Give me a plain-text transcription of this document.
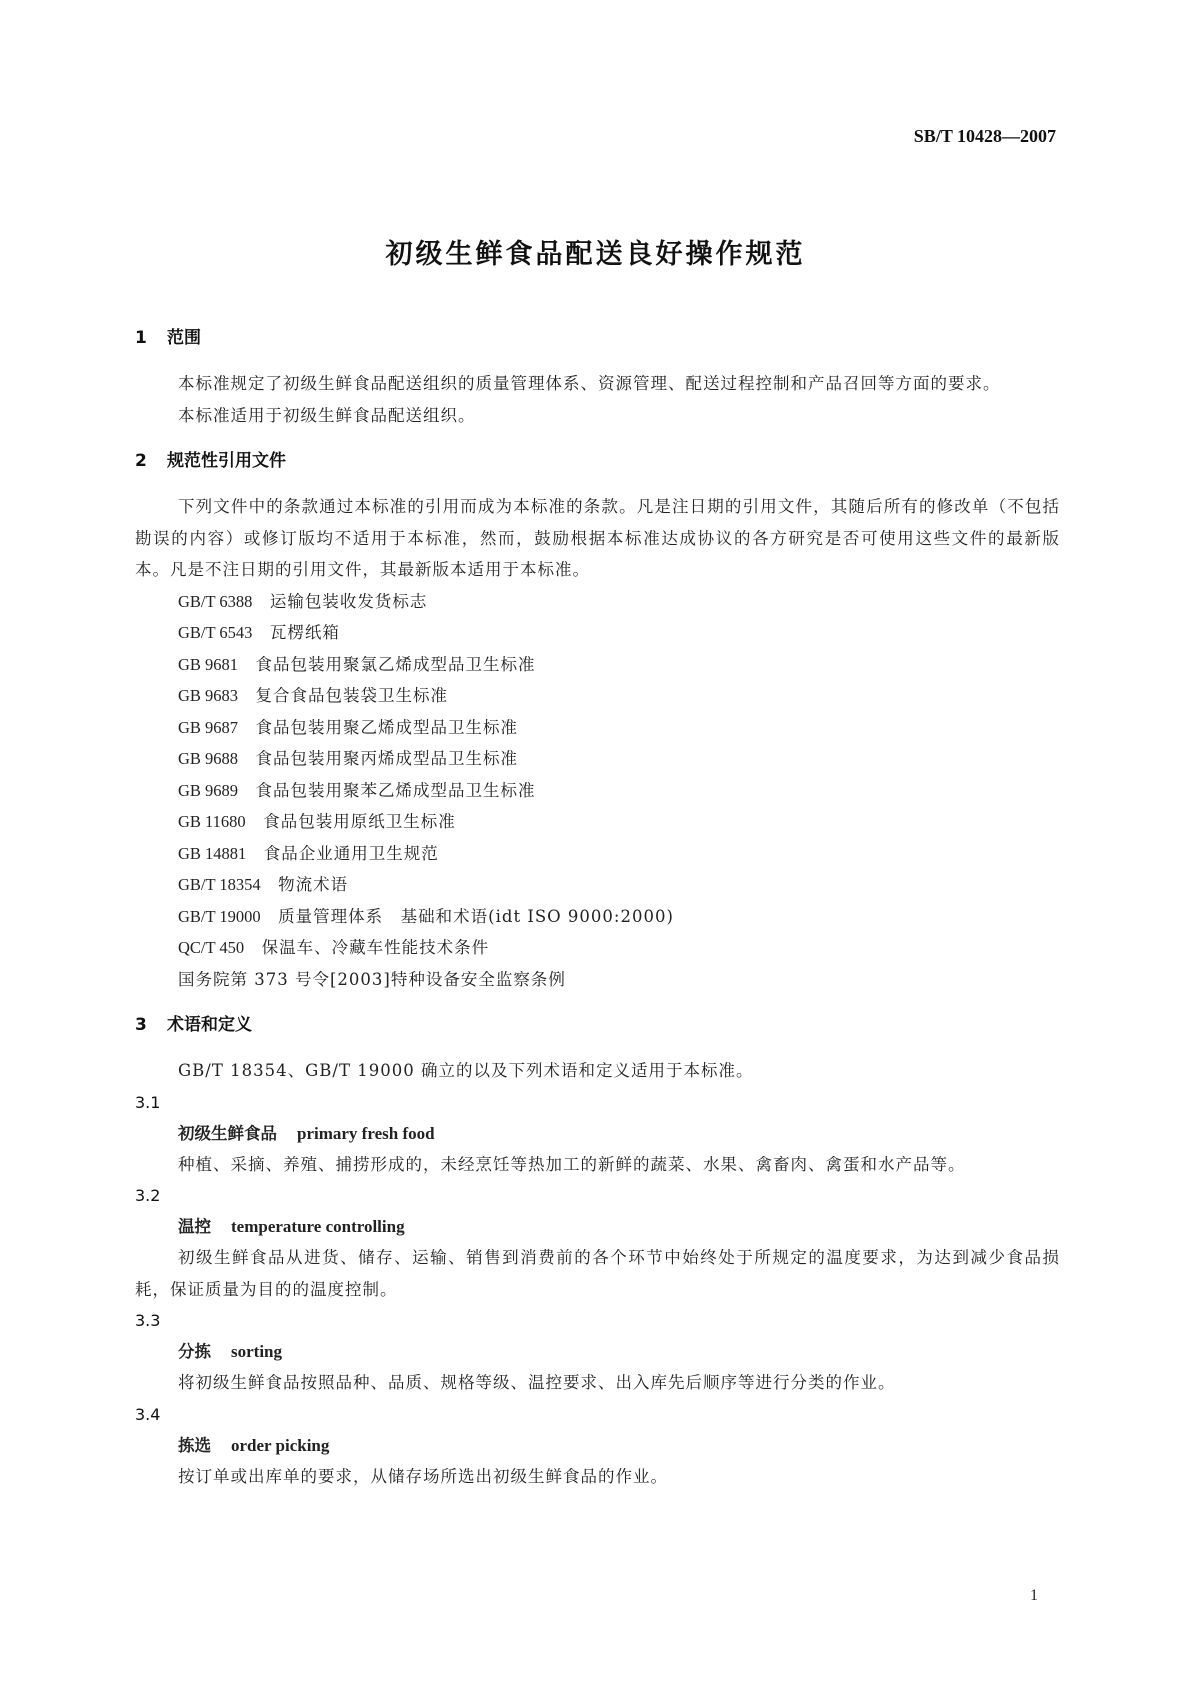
SB/T 10428—2007
初级生鲜食品配送良好操作规范
1 范围
本标准规定了初级生鲜食品配送组织的质量管理体系、资源管理、配送过程控制和产品召回等方面的要求。
本标准适用于初级生鲜食品配送组织。
2 规范性引用文件
下列文件中的条款通过本标准的引用而成为本标准的条款。凡是注日期的引用文件，其随后所有的修改单（不包括勘误的内容）或修订版均不适用于本标准，然而，鼓励根据本标准达成协议的各方研究是否可使用这些文件的最新版本。凡是不注日期的引用文件，其最新版本适用于本标准。
GB/T 6388  运输包装收发货标志
GB/T 6543  瓦楞纸箱
GB 9681  食品包装用聚氯乙烯成型品卫生标准
GB 9683  复合食品包装袋卫生标准
GB 9687  食品包装用聚乙烯成型品卫生标准
GB 9688  食品包装用聚丙烯成型品卫生标准
GB 9689  食品包装用聚苯乙烯成型品卫生标准
GB 11680  食品包装用原纸卫生标准
GB 14881  食品企业通用卫生规范
GB/T 18354  物流术语
GB/T 19000  质量管理体系　基础和术语(idt ISO 9000:2000)
QC/T 450  保温车、冷藏车性能技术条件
国务院第 373 号令[2003]特种设备安全监察条例
3 术语和定义
GB/T 18354、GB/T 19000 确立的以及下列术语和定义适用于本标准。
3.1
初级生鲜食品 primary fresh food
种植、采摘、养殖、捕捞形成的，未经烹饪等热加工的新鲜的蔬菜、水果、禽畜肉、禽蛋和水产品等。
3.2
温控 temperature controlling
初级生鲜食品从进货、储存、运输、销售到消费前的各个环节中始终处于所规定的温度要求，为达到减少食品损耗，保证质量为目的的温度控制。
3.3
分拣 sorting
将初级生鲜食品按照品种、品质、规格等级、温控要求、出入库先后顺序等进行分类的作业。
3.4
拣选 order picking
按订单或出库单的要求，从储存场所选出初级生鲜食品的作业。
1
